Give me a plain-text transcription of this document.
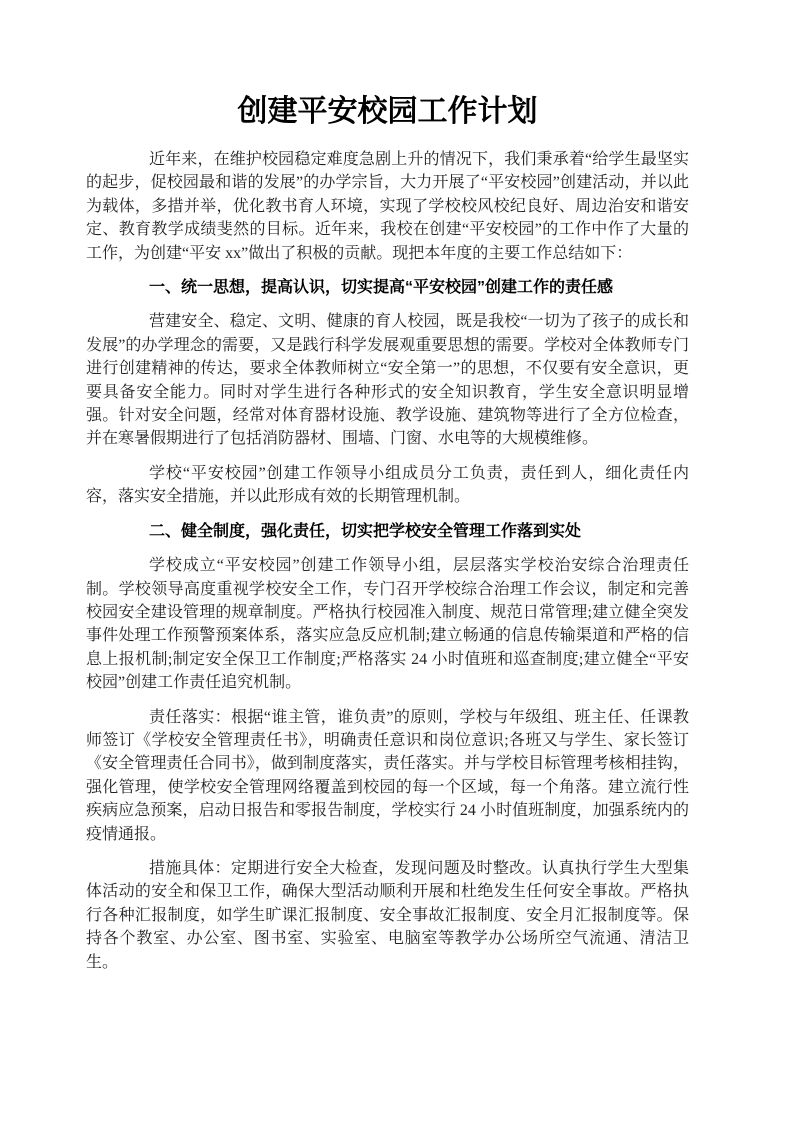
创建平安校园工作计划

近年来，在维护校园稳定难度急剧上升的情况下，我们秉承着“给学生最坚实的起步，促校园最和谐的发展”的办学宗旨，大力开展了“平安校园”创建活动，并以此为载体，多措并举，优化教书育人环境，实现了学校校风校纪良好、周边治安和谐安定、教育教学成绩斐然的目标。近年来，我校在创建“平安校园”的工作中作了大量的工作，为创建“平安 xx”做出了积极的贡献。现把本年度的主要工作总结如下：

一、统一思想，提高认识，切实提高“平安校园”创建工作的责任感

营建安全、稳定、文明、健康的育人校园，既是我校“一切为了孩子的成长和发展”的办学理念的需要，又是践行科学发展观重要思想的需要。学校对全体教师专门进行创建精神的传达，要求全体教师树立“安全第一”的思想，不仅要有安全意识，更要具备安全能力。同时对学生进行各种形式的安全知识教育，学生安全意识明显增强。针对安全问题，经常对体育器材设施、教学设施、建筑物等进行了全方位检查，并在寒暑假期进行了包括消防器材、围墙、门窗、水电等的大规模维修。

学校“平安校园”创建工作领导小组成员分工负责，责任到人，细化责任内容，落实安全措施，并以此形成有效的长期管理机制。

二、健全制度，强化责任，切实把学校安全管理工作落到实处

学校成立“平安校园”创建工作领导小组，层层落实学校治安综合治理责任制。学校领导高度重视学校安全工作，专门召开学校综合治理工作会议，制定和完善校园安全建设管理的规章制度。严格执行校园准入制度、规范日常管理;建立健全突发事件处理工作预警预案体系，落实应急反应机制;建立畅通的信息传输渠道和严格的信息上报机制;制定安全保卫工作制度;严格落实 24 小时值班和巡查制度;建立健全“平安校园”创建工作责任追究机制。

责任落实：根据“谁主管，谁负责”的原则，学校与年级组、班主任、任课教师签订《学校安全管理责任书》，明确责任意识和岗位意识;各班又与学生、家长签订《安全管理责任合同书》，做到制度落实，责任落实。并与学校目标管理考核相挂钩，强化管理，使学校安全管理网络覆盖到校园的每一个区域，每一个角落。建立流行性疾病应急预案，启动日报告和零报告制度，学校实行 24 小时值班制度，加强系统内的疫情通报。

措施具体：定期进行安全大检查，发现问题及时整改。认真执行学生大型集体活动的安全和保卫工作，确保大型活动顺利开展和杜绝发生任何安全事故。严格执行各种汇报制度，如学生旷课汇报制度、安全事故汇报制度、安全月汇报制度等。保持各个教室、办公室、图书室、实验室、电脑室等教学办公场所空气流通、清洁卫生。
